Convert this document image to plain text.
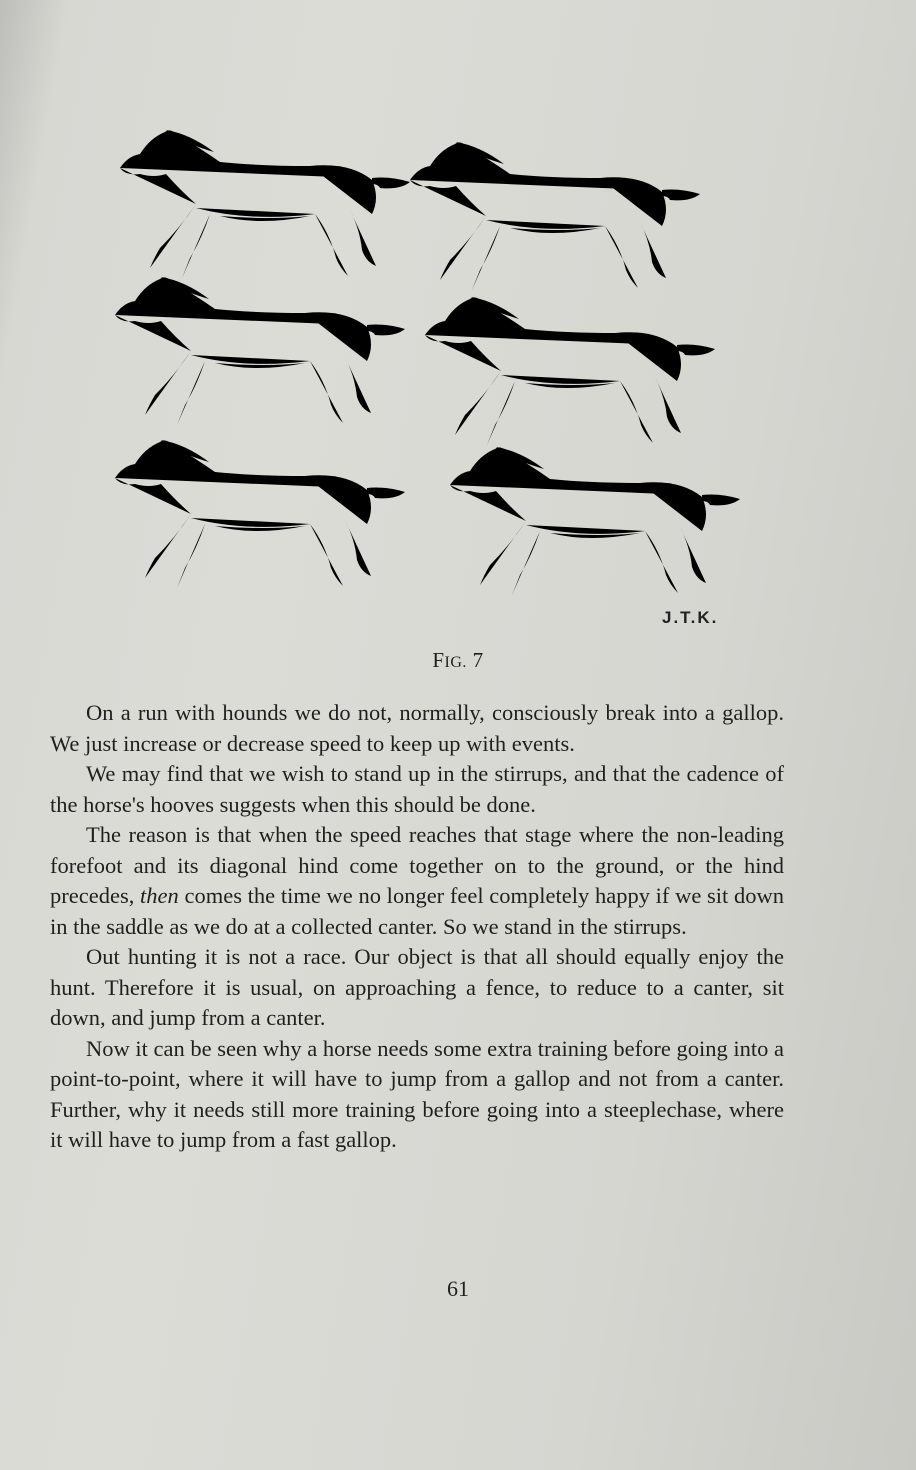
J.T.K.
FIG. 7

On a run with hounds we do not, normally, consciously break into a gallop. We just increase or decrease speed to keep up with events.

We may find that we wish to stand up in the stirrups, and that the cadence of the horse's hooves suggests when this should be done.

The reason is that when the speed reaches that stage where the non-leading forefoot and its diagonal hind come together on to the ground, or the hind precedes, then comes the time we no longer feel completely happy if we sit down in the saddle as we do at a collected canter. So we stand in the stirrups.

Out hunting it is not a race. Our object is that all should equally enjoy the hunt. Therefore it is usual, on approaching a fence, to reduce to a canter, sit down, and jump from a canter.

Now it can be seen why a horse needs some extra training before going into a point-to-point, where it will have to jump from a gallop and not from a canter. Further, why it needs still more training before going into a steeplechase, where it will have to jump from a fast gallop.

61
